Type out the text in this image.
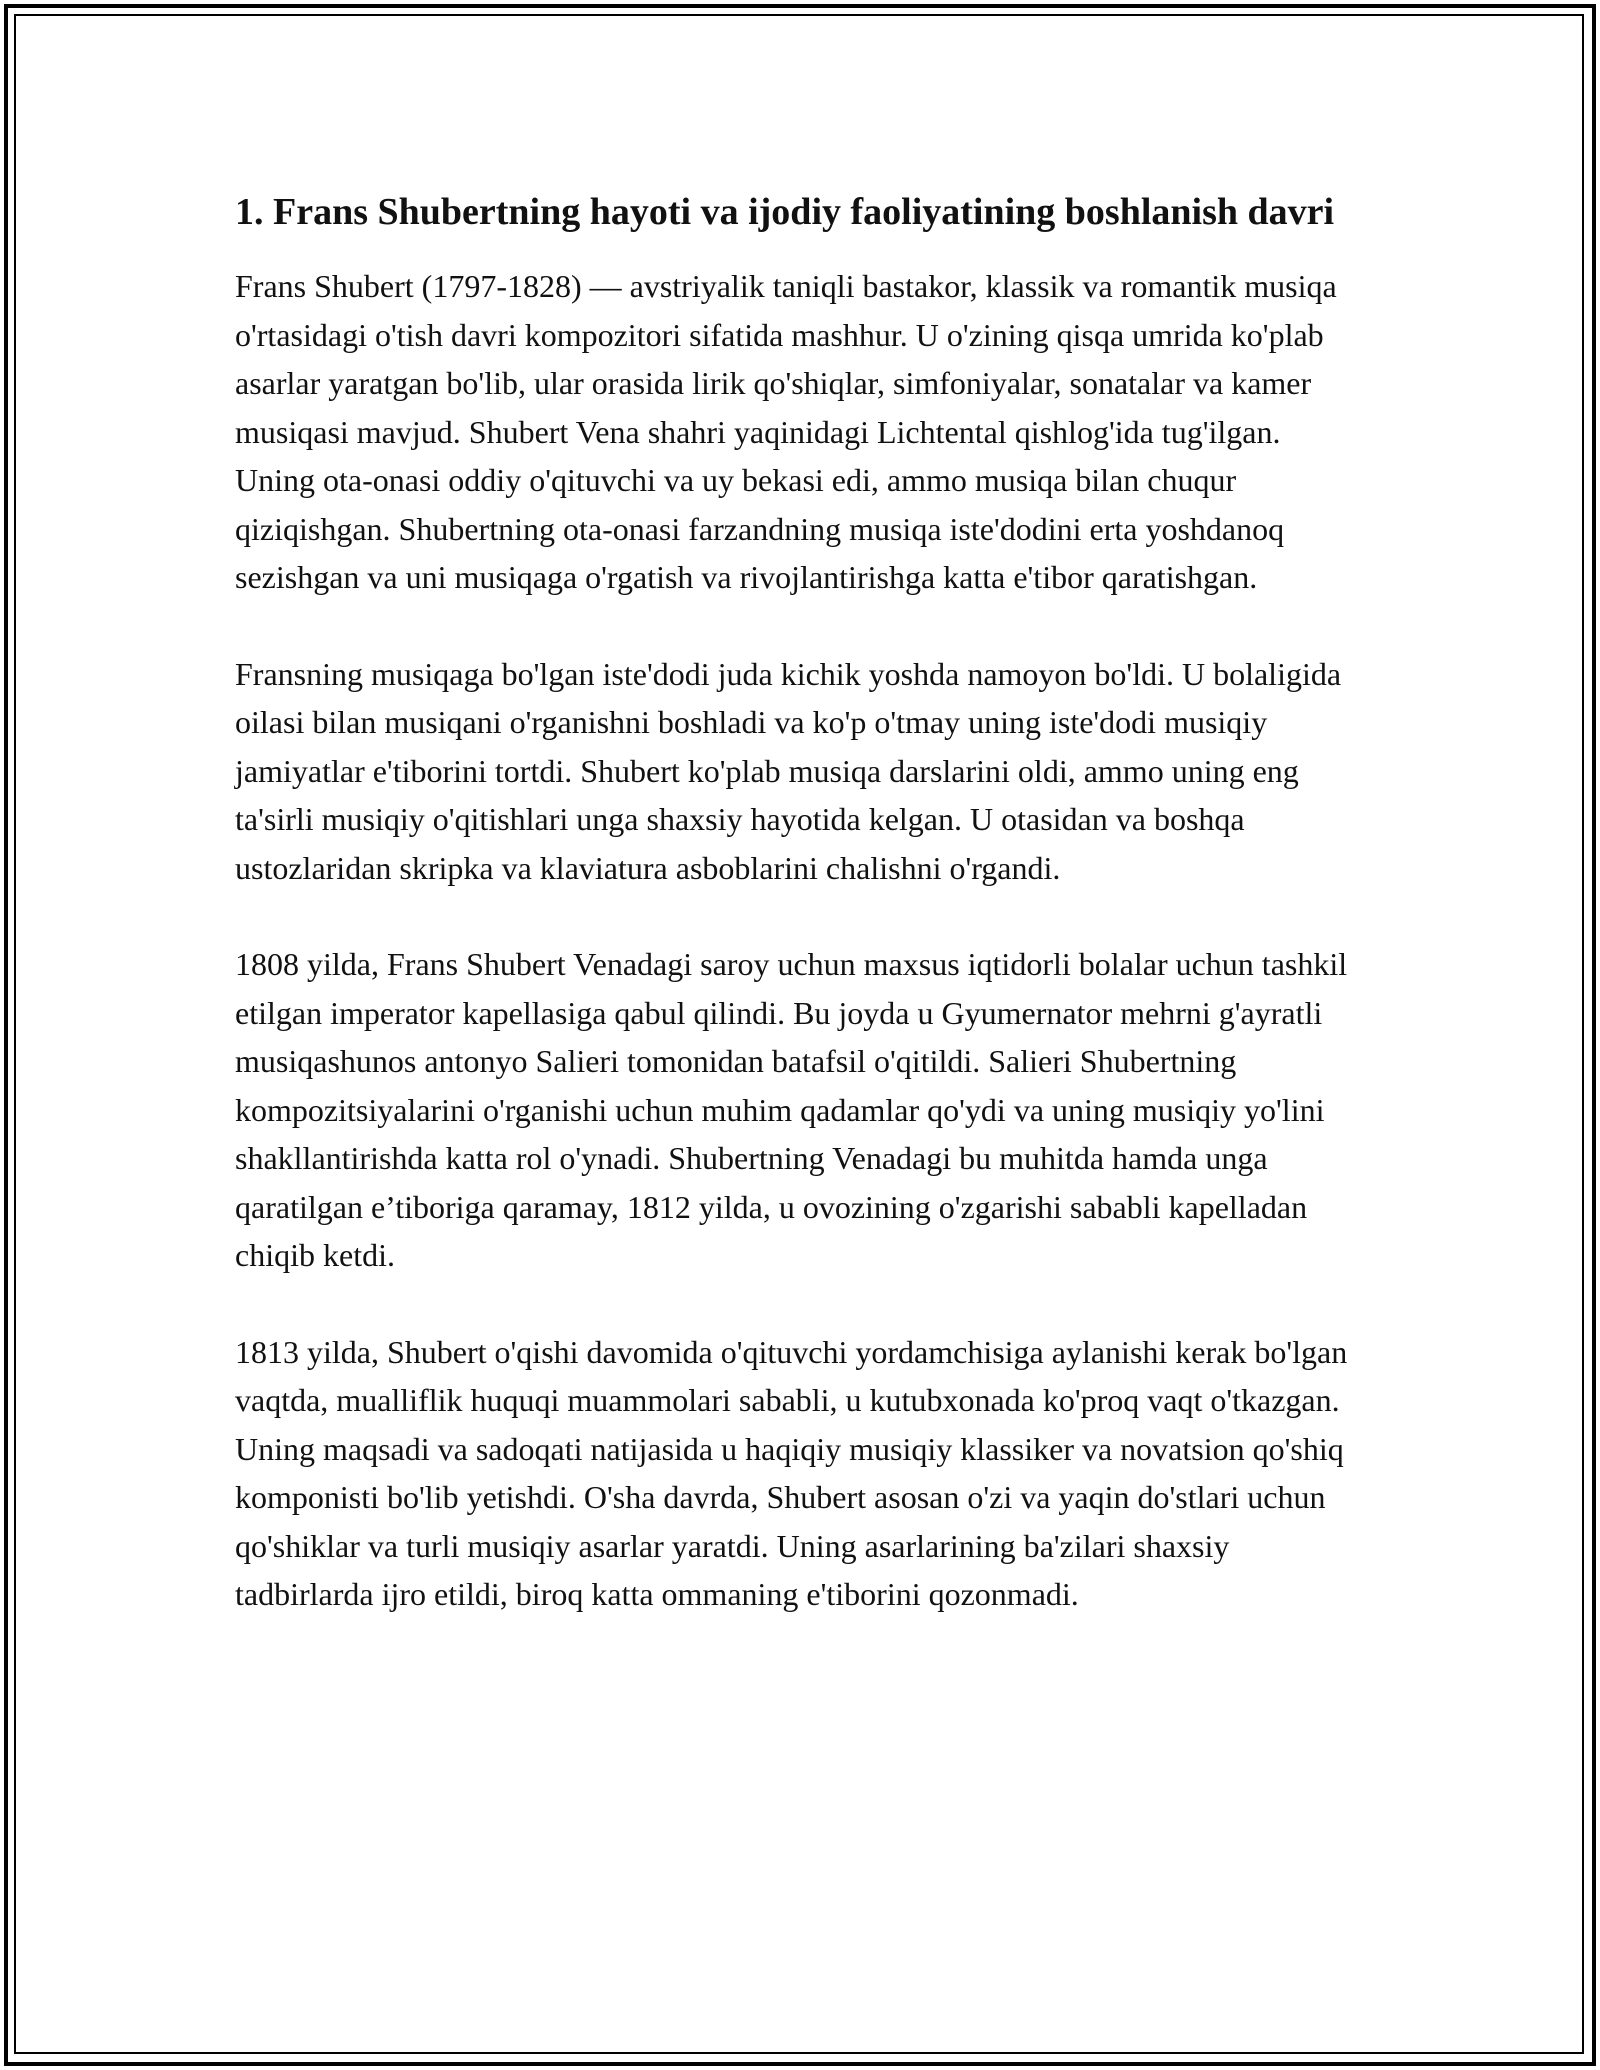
1. Frans Shubertning hayoti va ijodiy faoliyatining boshlanish davri

Frans Shubert (1797-1828) — avstriyalik taniqli bastakor, klassik va romantik musiqa o'rtasidagi o'tish davri kompozitori sifatida mashhur. U o'zining qisqa umrida ko'plab asarlar yaratgan bo'lib, ular orasida lirik qo'shiqlar, simfoniyalar, sonatalar va kamer musiqasi mavjud. Shubert Vena shahri yaqinidagi Lichtental qishlog'ida tug'ilgan. Uning ota-onasi oddiy o'qituvchi va uy bekasi edi, ammo musiqa bilan chuqur qiziqishgan. Shubertning ota-onasi farzandning musiqa iste'dodini erta yoshdanoq sezishgan va uni musiqaga o'rgatish va rivojlantirishga katta e'tibor qaratishgan.

Fransning musiqaga bo'lgan iste'dodi juda kichik yoshda namoyon bo'ldi. U bolaligida oilasi bilan musiqani o'rganishni boshladi va ko'p o'tmay uning iste'dodi musiqiy jamiyatlar e'tiborini tortdi. Shubert ko'plab musiqa darslarini oldi, ammo uning eng ta'sirli musiqiy o'qitishlari unga shaxsiy hayotida kelgan. U otasidan va boshqa ustozlaridan skripka va klaviatura asboblarini chalishni o'rgandi.

1808 yilda, Frans Shubert Venadagi saroy uchun maxsus iqtidorli bolalar uchun tashkil etilgan imperator kapellasiga qabul qilindi. Bu joyda u Gyumernator mehrni g'ayratli musiqashunos antonyo Salieri tomonidan batafsil o'qitildi. Salieri Shubertning kompozitsiyalarini o'rganishi uchun muhim qadamlar qo'ydi va uning musiqiy yo'lini shakllantirishda katta rol o'ynadi. Shubertning Venadagi bu muhitda hamda unga qaratilgan e’tiboriga qaramay, 1812 yilda, u ovozining o'zgarishi sababli kapelladan chiqib ketdi.

1813 yilda, Shubert o'qishi davomida o'qituvchi yordamchisiga aylanishi kerak bo'lgan vaqtda, mualliflik huquqi muammolari sababli, u kutubxonada ko'proq vaqt o'tkazgan. Uning maqsadi va sadoqati natijasida u haqiqiy musiqiy klassiker va novatsion qo'shiq komponisti bo'lib yetishdi. O'sha davrda, Shubert asosan o'zi va yaqin do'stlari uchun qo'shiklar va turli musiqiy asarlar yaratdi. Uning asarlarining ba'zilari shaxsiy tadbirlarda ijro etildi, biroq katta ommaning e'tiborini qozonmadi.
